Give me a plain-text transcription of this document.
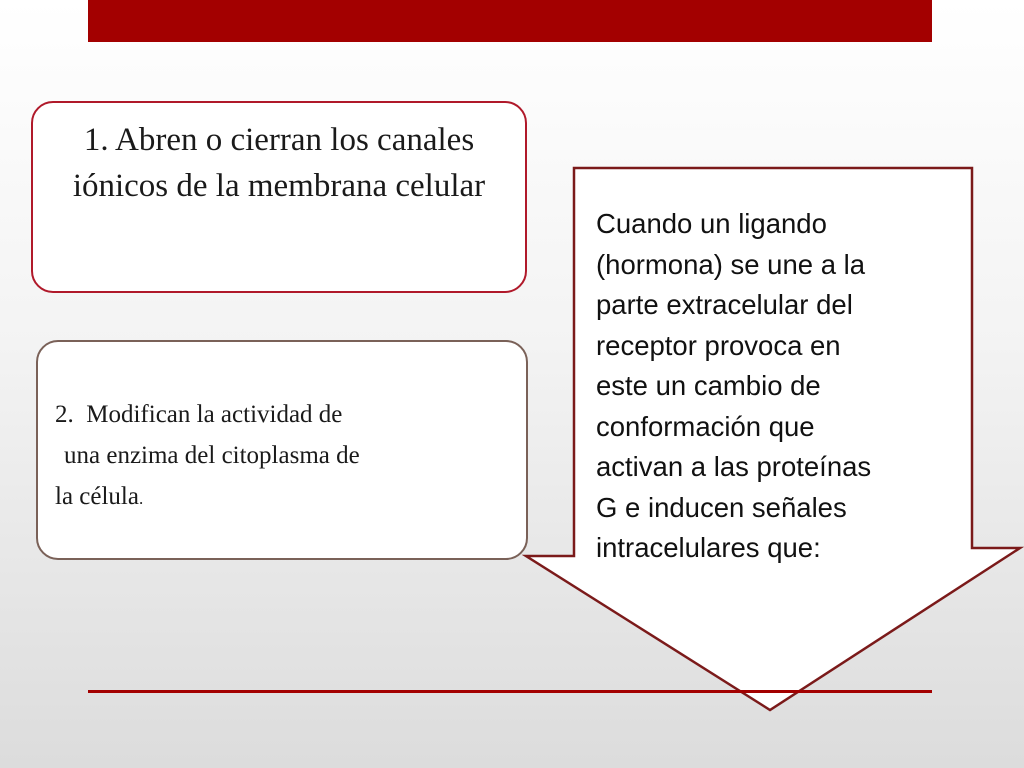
1. Abren o cierran los canales iónicos de la membrana celular
2.  Modifican la actividad de
una enzima del citoplasma de
la célula.
Cuando un ligando
(hormona) se une a la
parte extracelular del
receptor provoca en
este un cambio de
conformación que
activan a las proteínas
G e inducen señales
intracelulares que:
